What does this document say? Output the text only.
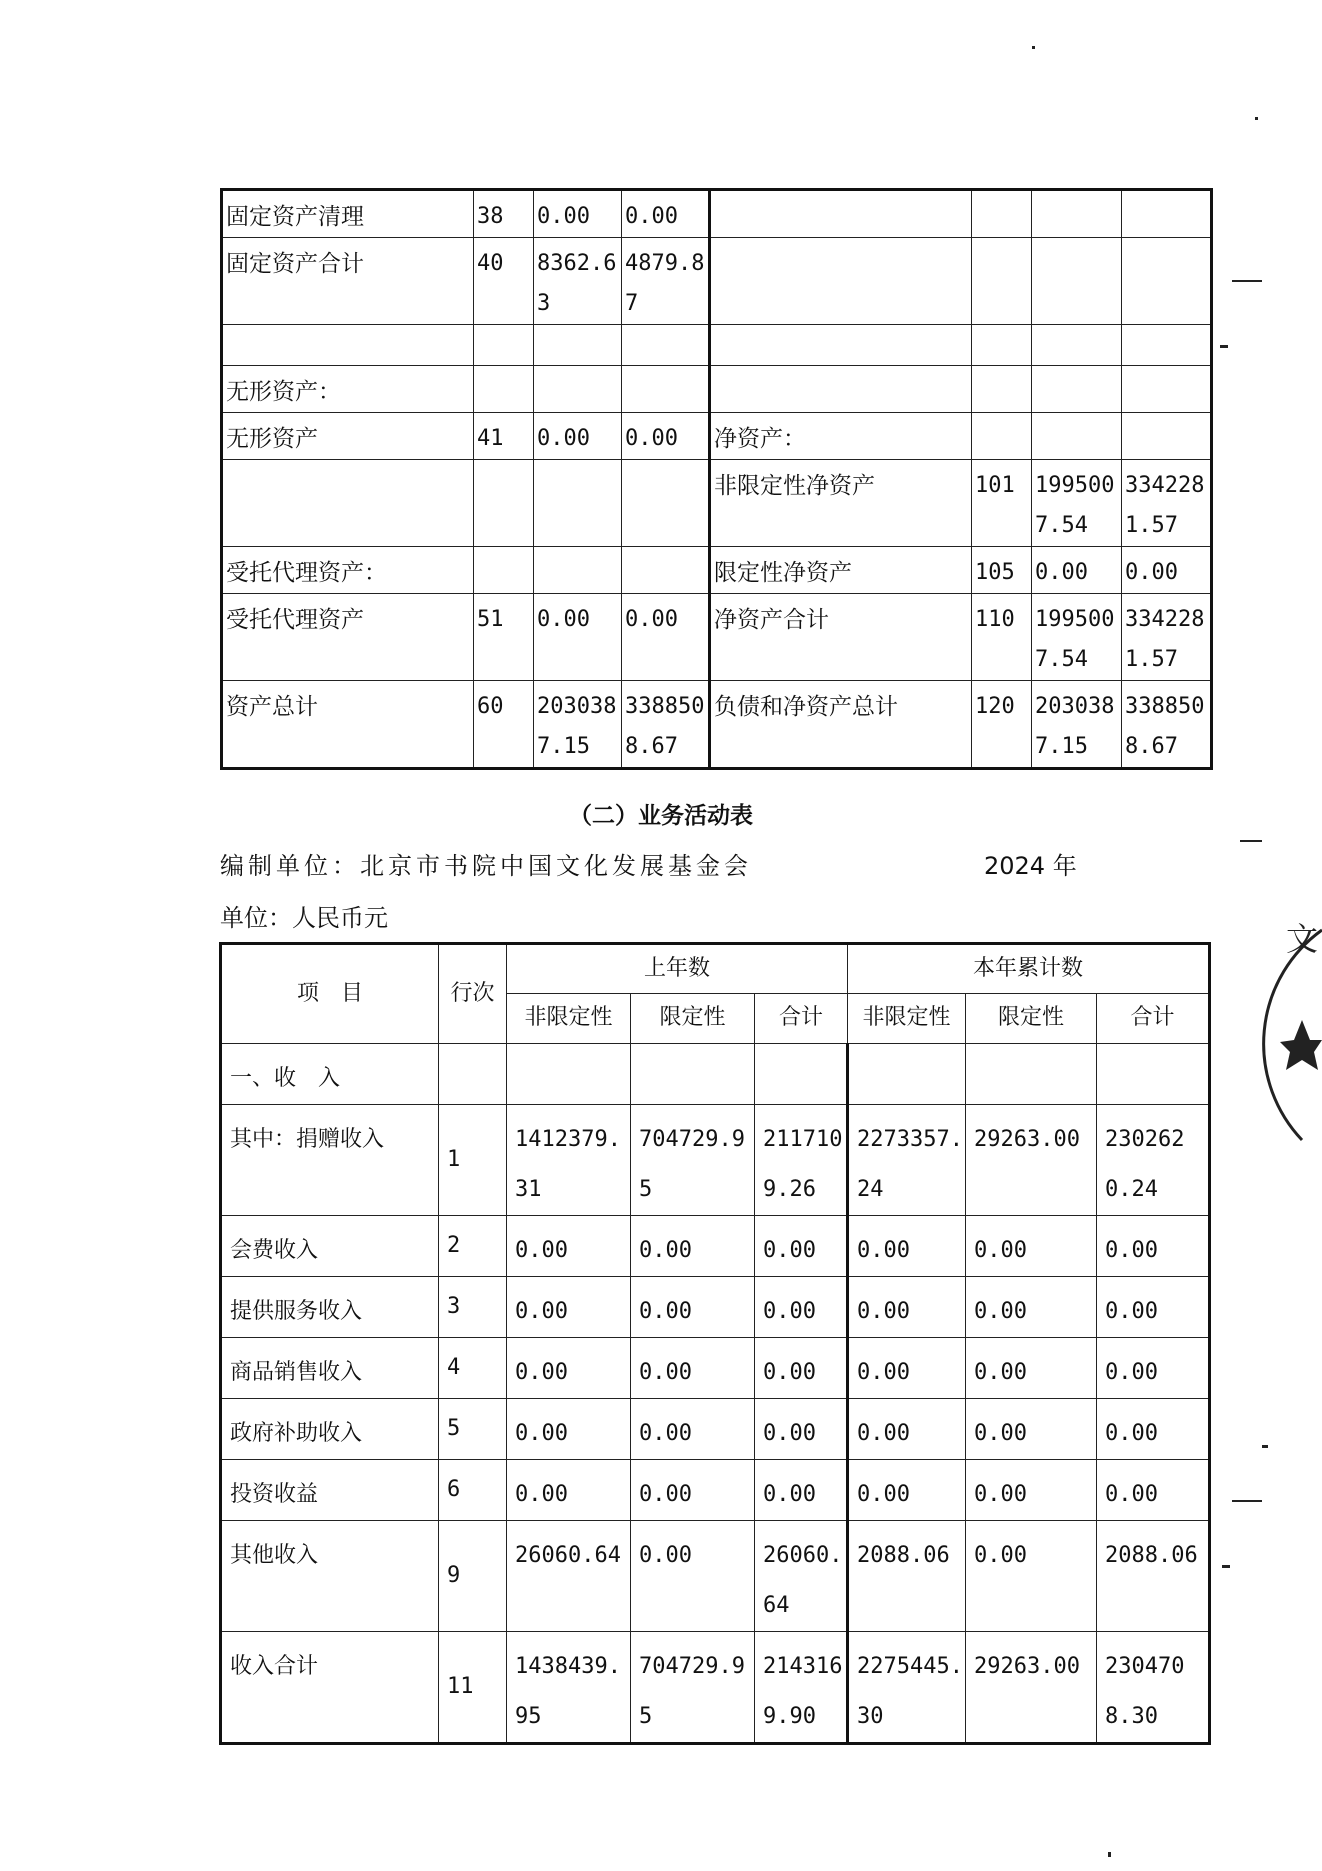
固定资产清理	38	0.00	0.00				

固定资产合计	40	8362.63	4879.87				

无形资产：							

无形资产	41	0.00	0.00	净资产：			

				非限定性净资产	101	1995007.54	3342281.57

受托代理资产：				限定性净资产	105	0.00	0.00

受托代理资产	51	0.00	0.00	净资产合计	110	1995007.54	3342281.57

资产总计	60	2030387.15	3388508.67	负债和净资产总计	120	2030387.15	3388508.67
（二）业务活动表
编制单位：北京市书院中国文化发展基金会	2024 年
单位：人民币元
项　目	行次	上年数			本年累计数		

		非限定性	限定性	合计	非限定性	限定性	合计

一、收　入							

其中：捐赠收入	1	1412379.31	704729.95	2117109.26	2273357.24	29263.00	2302620.24

会费收入	2	0.00	0.00	0.00	0.00	0.00	0.00

提供服务收入	3	0.00	0.00	0.00	0.00	0.00	0.00

商品销售收入	4	0.00	0.00	0.00	0.00	0.00	0.00

政府补助收入	5	0.00	0.00	0.00	0.00	0.00	0.00

投资收益	6	0.00	0.00	0.00	0.00	0.00	0.00

其他收入	9	26060.64	0.00	26060.64	2088.06	0.00	2088.06

收入合计	11	1438439.95	704729.95	2143169.90	2275445.30	29263.00	2304708.30
文
